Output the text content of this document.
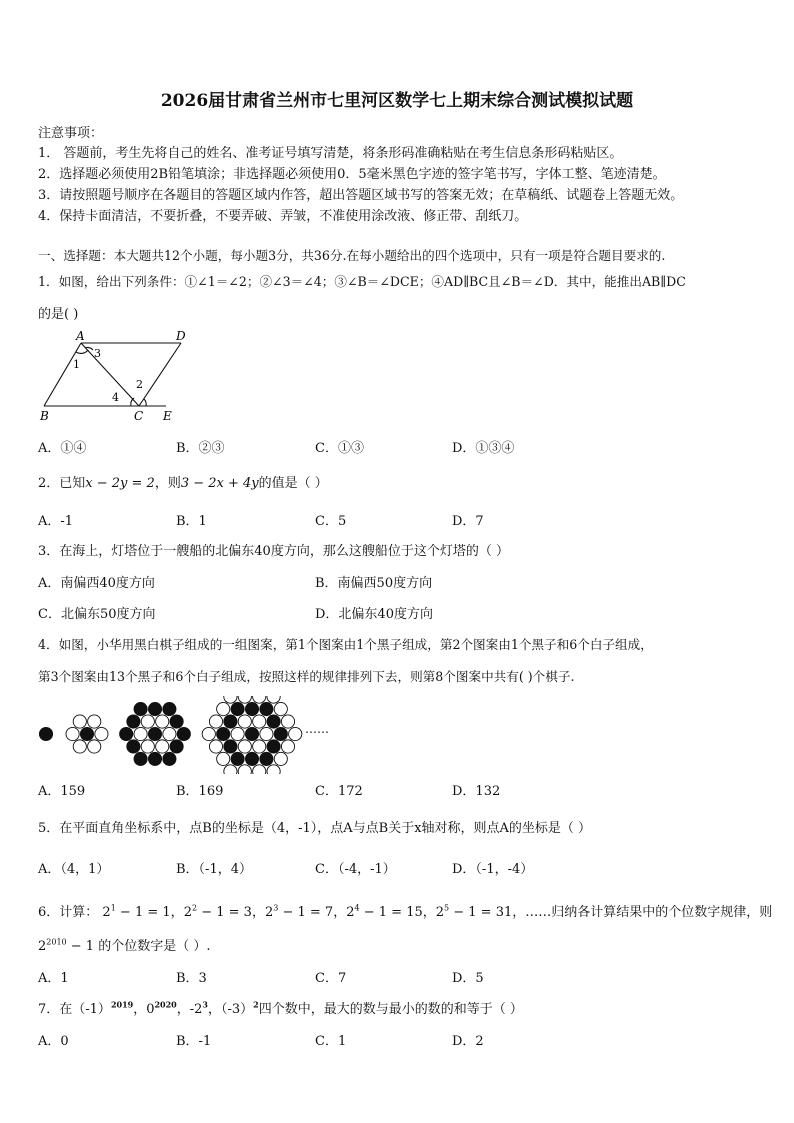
2026届甘肃省兰州市七里河区数学七上期末综合测试模拟试题
注意事项：
1． 答题前，考生先将自己的姓名、准考证号填写清楚，将条形码准确粘贴在考生信息条形码粘贴区。
2．选择题必须使用2B铅笔填涂；非选择题必须使用0．5毫米黑色字迹的签字笔书写，字体工整、笔迹清楚。
3．请按照题号顺序在各题目的答题区域内作答，超出答题区域书写的答案无效；在草稿纸、试题卷上答题无效。
4．保持卡面清洁，不要折叠，不要弄破、弄皱，不准使用涂改液、修正带、刮纸刀。
一、选择题：本大题共12个小题，每小题3分，共36分.在每小题给出的四个选项中，只有一项是符合题目要求的.
1．如图，给出下列条件：①∠1＝∠2；②∠3＝∠4；③∠B＝∠DCE；④AD∥BC且∠B＝∠D．其中，能推出AB∥DC
的是( )
A	D
B	C E
1
3
2
4
A．①④	B．②③	C．①③	D．①③④
2．已知x − 2y = 2，则3 − 2x + 4y的值是（ ）
A．-1	B．1	C．5	D．7
3．在海上，灯塔位于一艘船的北偏东40度方向，那么这艘船位于这个灯塔的（ ）
A．南偏西40度方向	B．南偏西50度方向
C．北偏东50度方向	D．北偏东40度方向
4．如图，小华用黑白棋子组成的一组图案，第1个图案由1个黑子组成，第2个图案由1个黑子和6个白子组成，
第3个图案由13个黑子和6个白子组成，按照这样的规律排列下去，则第8个图案中共有( )个棋子.
……
A．159	B．169	C．172	D．132
5．在平面直角坐标系中，点B的坐标是（4，-1），点A与点B关于x轴对称，则点A的坐标是（ ）
A．（4，1）	B．（-1，4）	C．（-4，-1）	D．（-1，-4）
6．计算： $2^1 - 1 = 1$，$2^2 - 1 = 3$，$2^3 - 1 = 7$，$2^4 - 1 = 15$，$2^5 - 1 = 31$，……归纳各计算结果中的个位数字规律，则
$2^{2010} - 1$ 的个位数字是（ ）.
A．1	B．3	C．7	D．5
7．在$(-1)^{2019}$，$0^{2020}$，$-2^3$，$(-3)^2$四个数中，最大的数与最小的数的和等于（ ）
A．0	B．-1	C．1	D．2
